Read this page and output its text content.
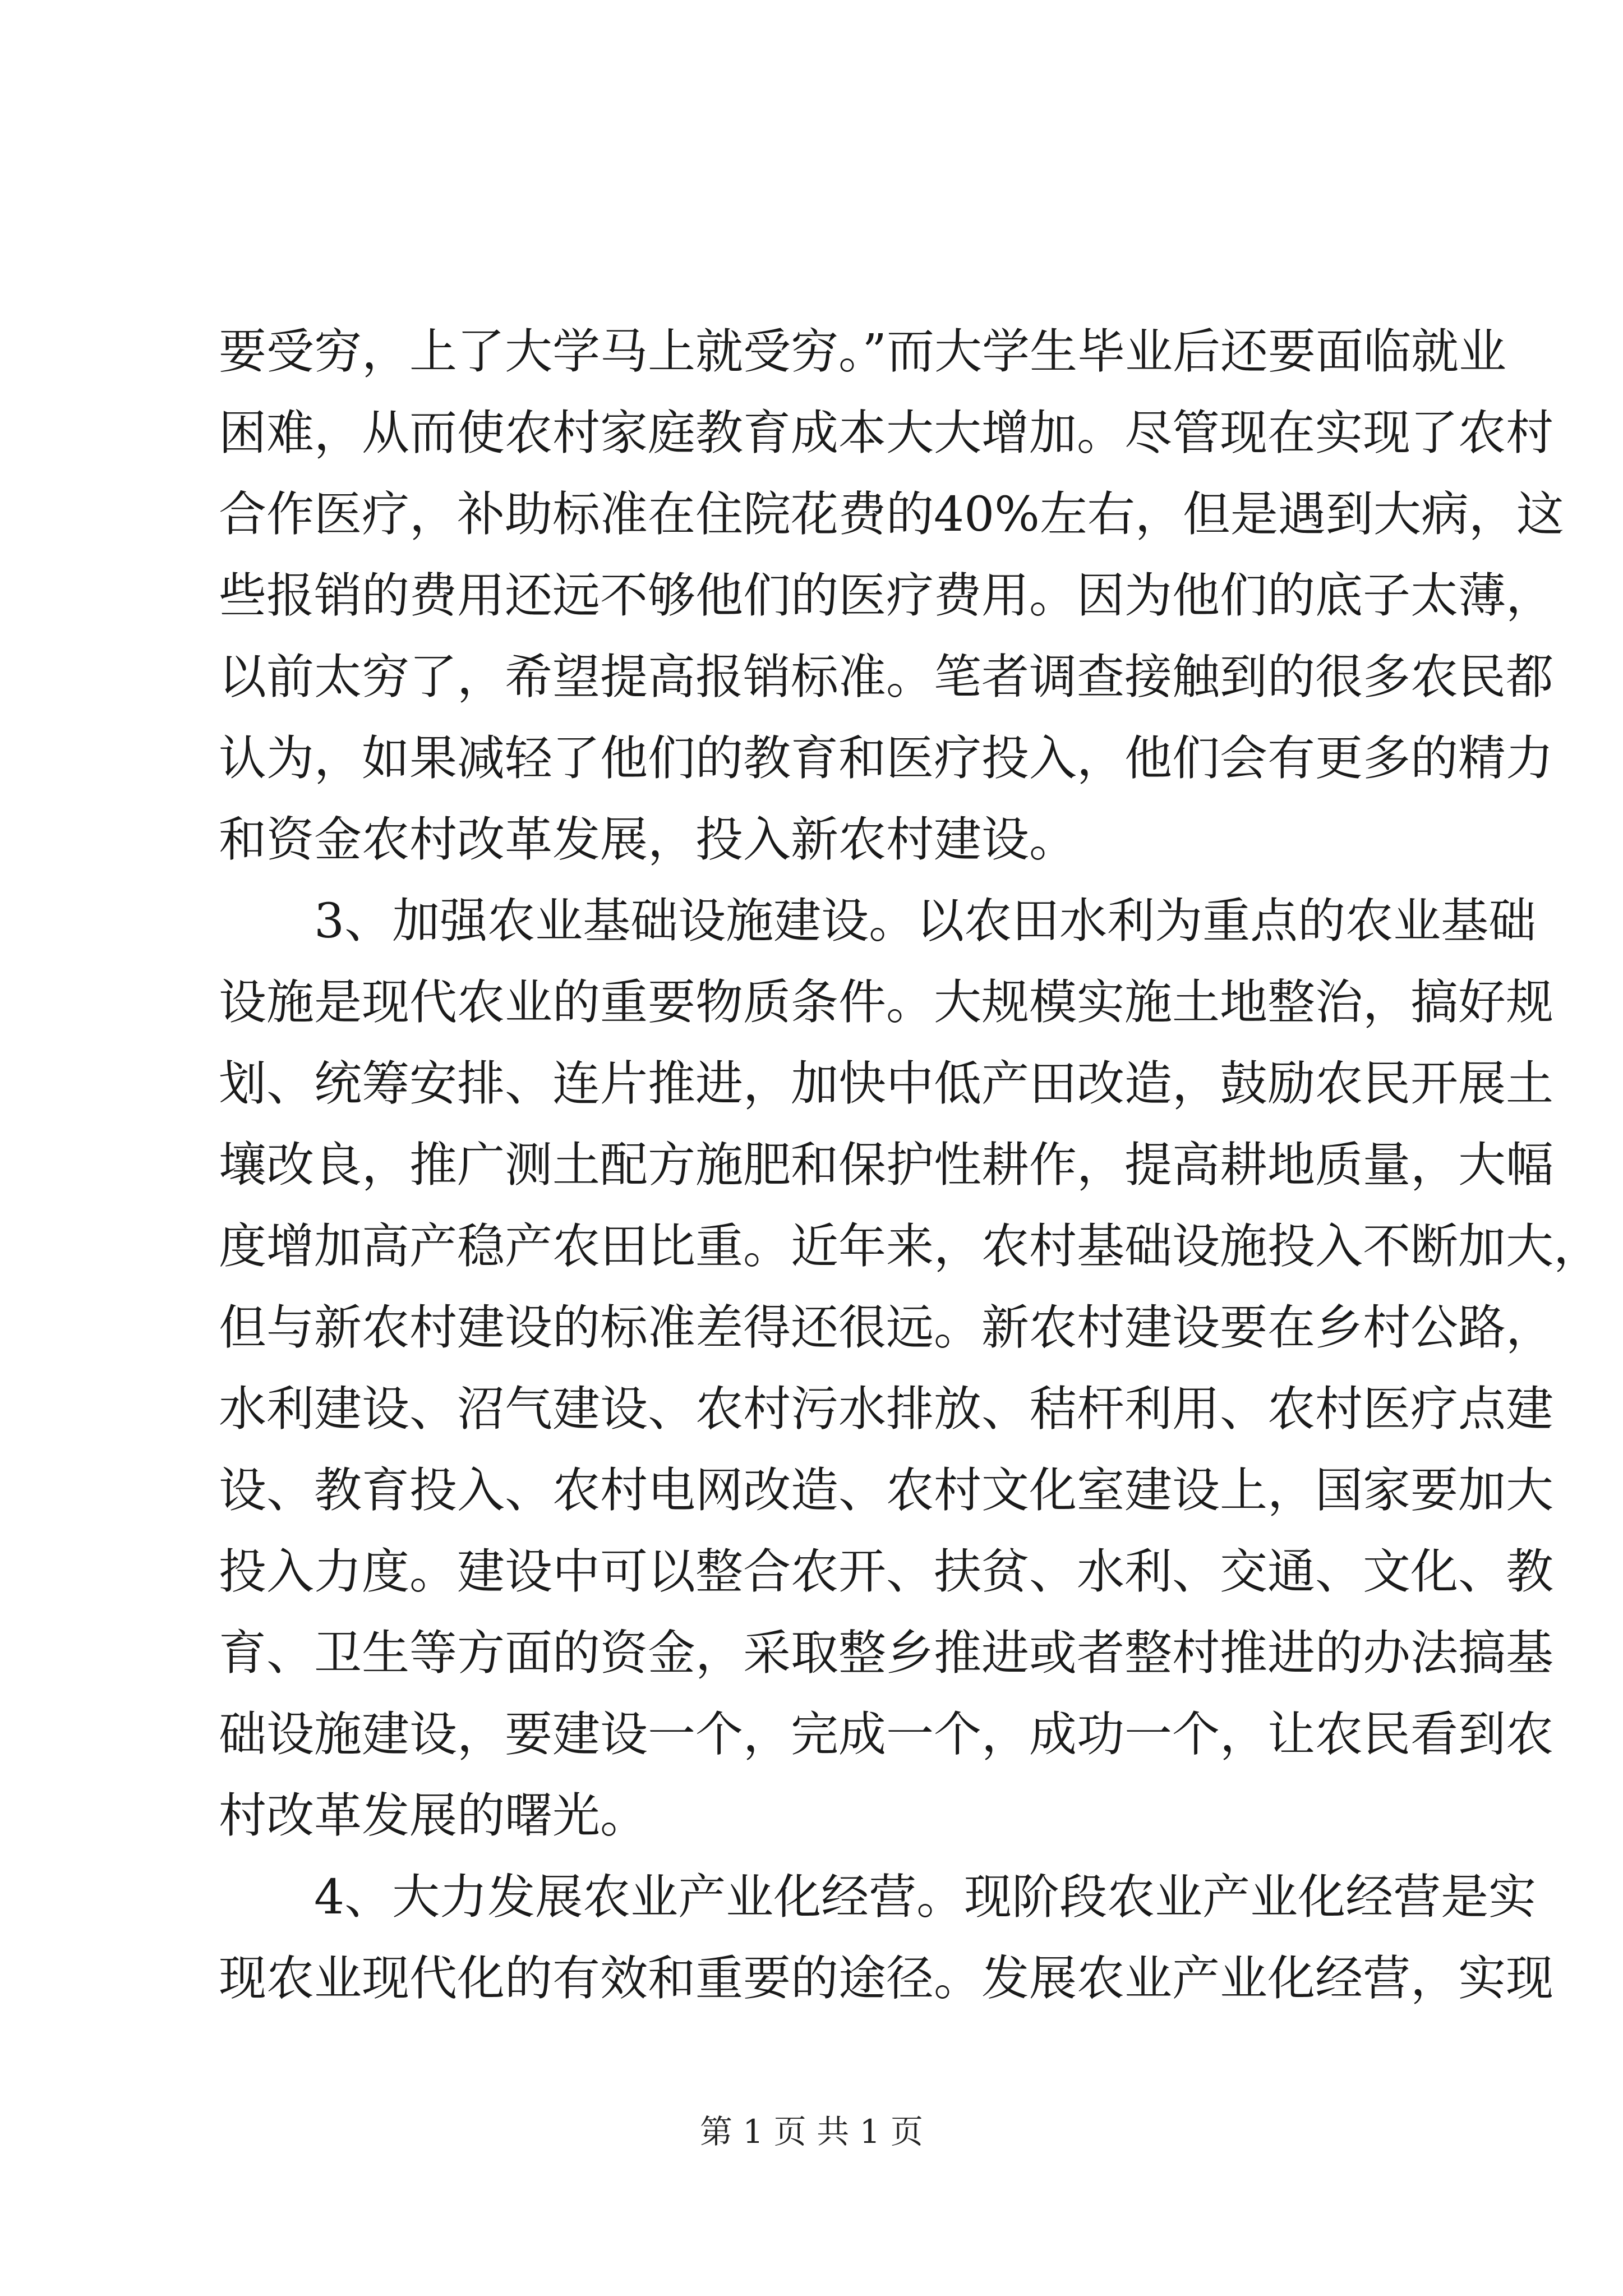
要受穷，上了大学马上就受穷。”而大学生毕业后还要面临就业
困难，从而使农村家庭教育成本大大增加。尽管现在实现了农村
合作医疗，补助标准在住院花费的40%左右，但是遇到大病，这
些报销的费用还远不够他们的医疗费用。因为他们的底子太薄，
以前太穷了，希望提高报销标准。笔者调查接触到的很多农民都
认为，如果减轻了他们的教育和医疗投入，他们会有更多的精力
和资金农村改革发展，投入新农村建设。
3、加强农业基础设施建设。以农田水利为重点的农业基础
设施是现代农业的重要物质条件。大规模实施土地整治，搞好规
划、统筹安排、连片推进，加快中低产田改造，鼓励农民开展土
壤改良，推广测土配方施肥和保护性耕作，提高耕地质量，大幅
度增加高产稳产农田比重。近年来，农村基础设施投入不断加大，
但与新农村建设的标准差得还很远。新农村建设要在乡村公路，
水利建设、沼气建设、农村污水排放、秸杆利用、农村医疗点建
设、教育投入、农村电网改造、农村文化室建设上，国家要加大
投入力度。建设中可以整合农开、扶贫、水利、交通、文化、教
育、卫生等方面的资金，采取整乡推进或者整村推进的办法搞基
础设施建设，要建设一个，完成一个，成功一个，让农民看到农
村改革发展的曙光。
4、大力发展农业产业化经营。现阶段农业产业化经营是实
现农业现代化的有效和重要的途径。发展农业产业化经营，实现
第 1 页 共 1 页
